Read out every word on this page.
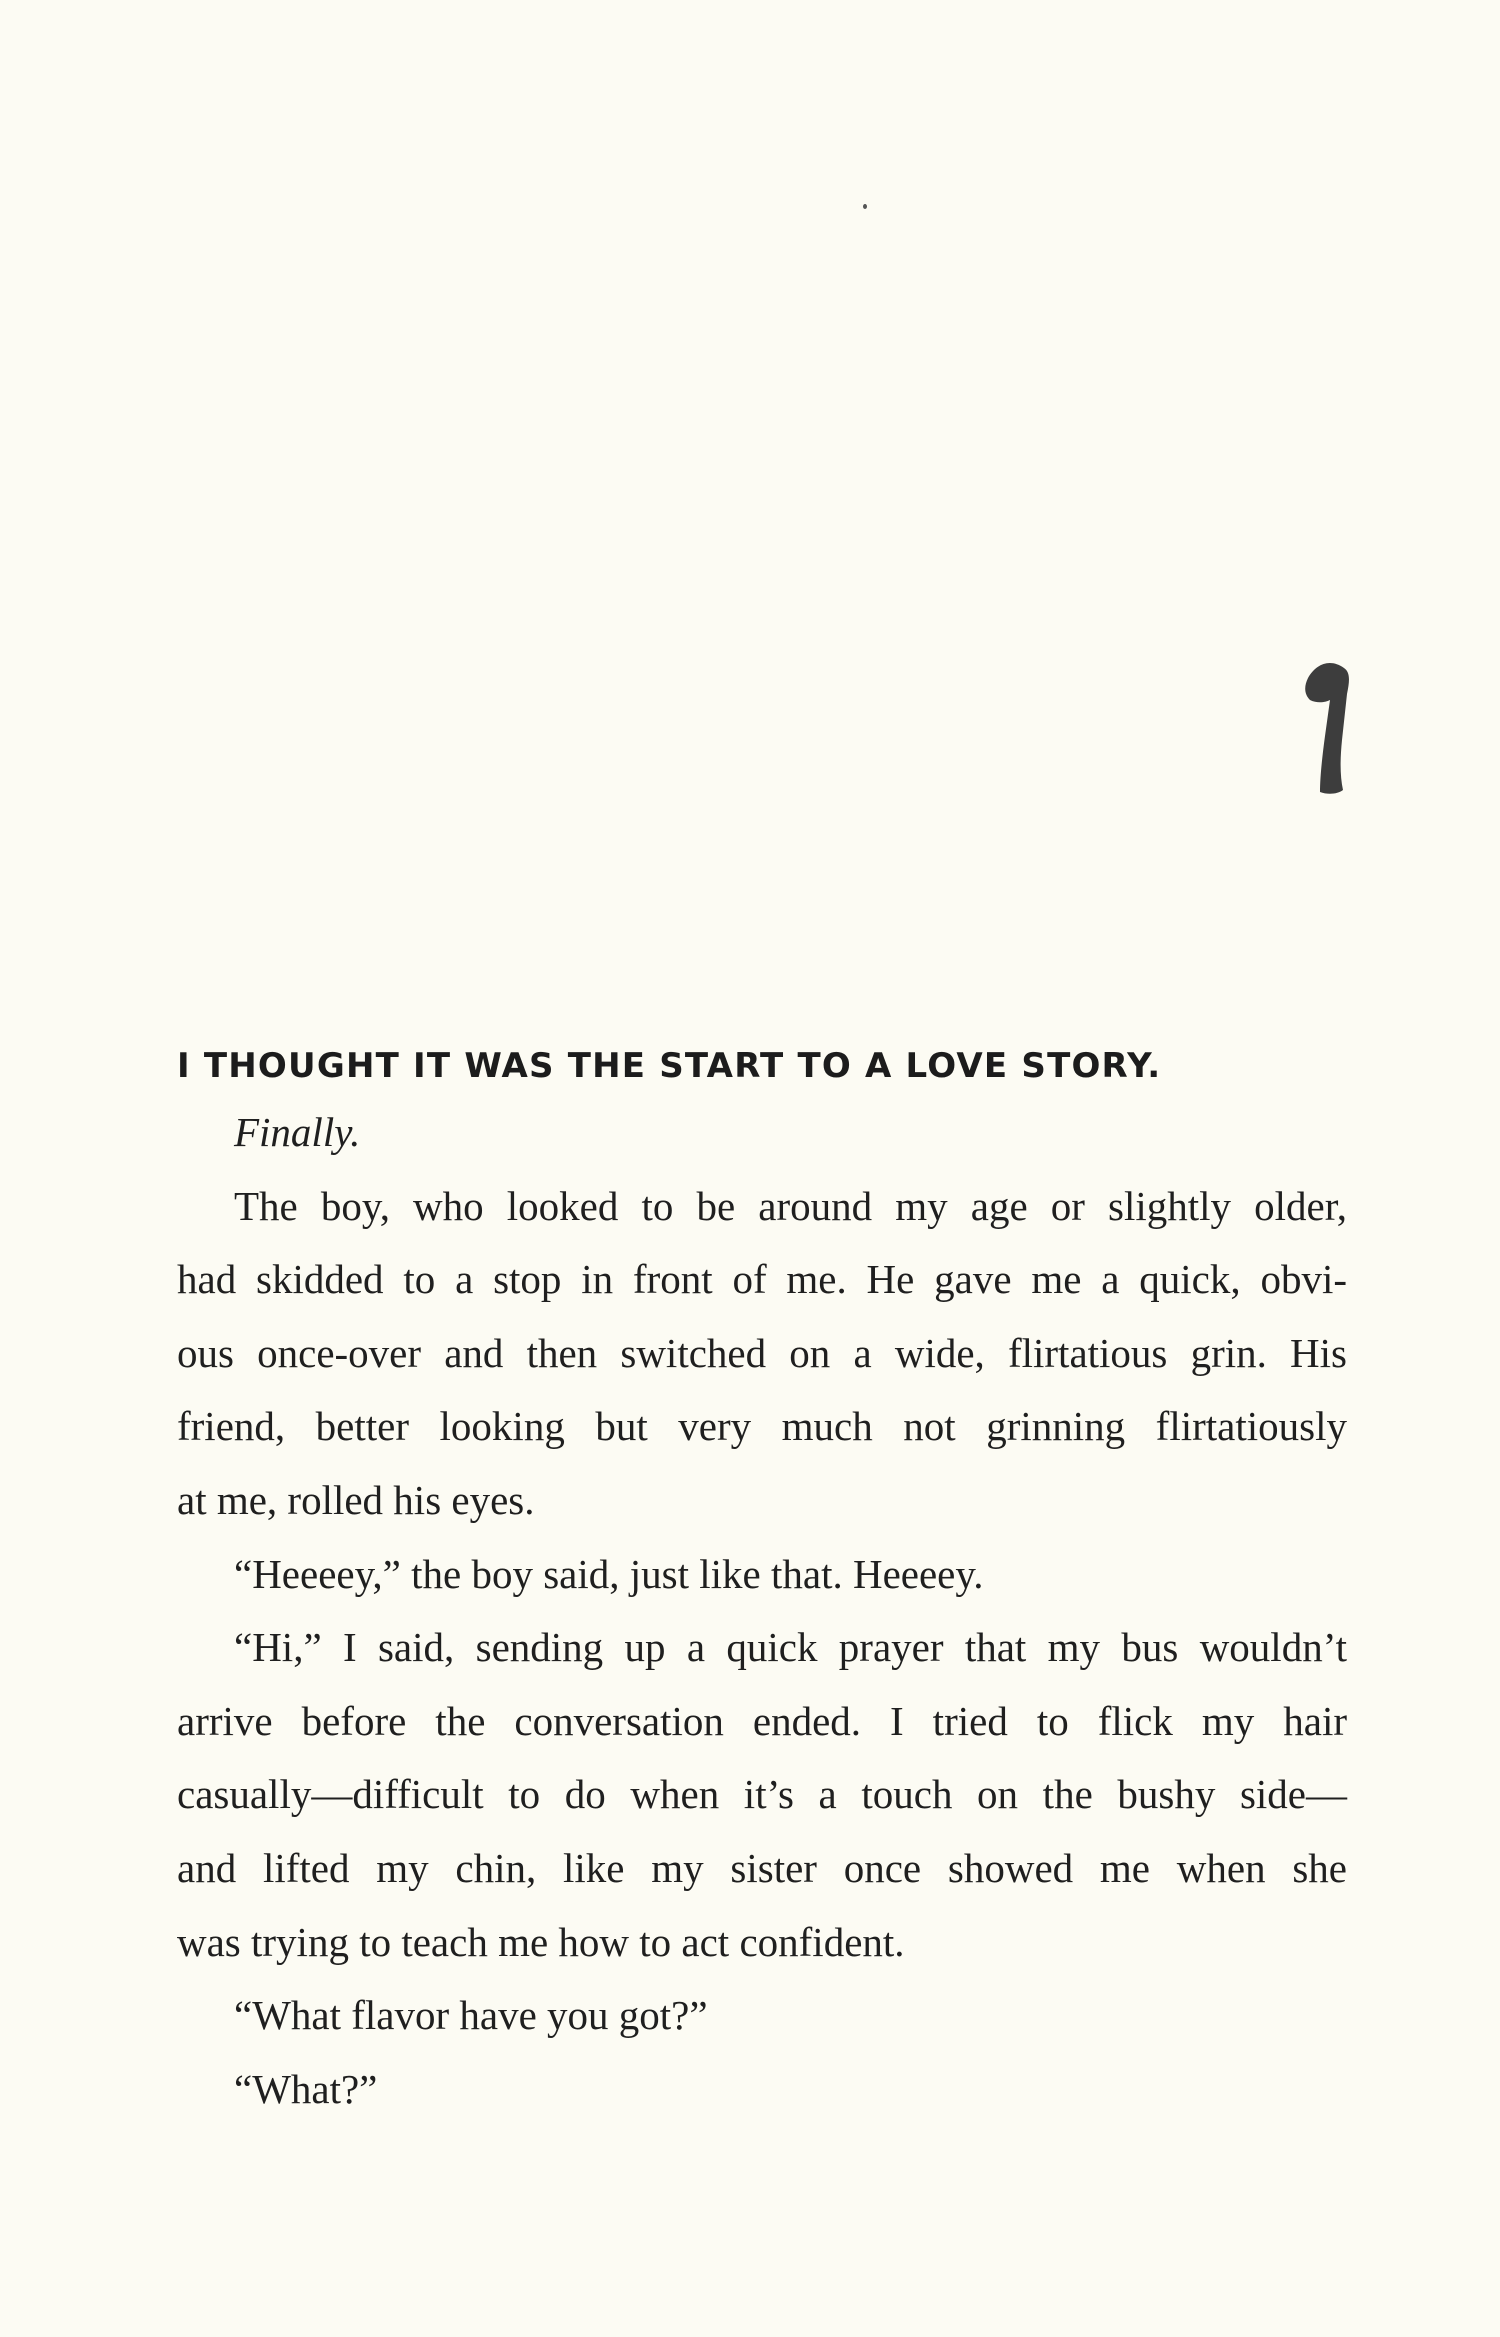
I THOUGHT IT WAS THE START TO A LOVE STORY.

Finally.

The boy, who looked to be around my age or slightly older,
had skidded to a stop in front of me. He gave me a quick, obvi-
ous once-over and then switched on a wide, flirtatious grin. His
friend, better looking but very much not grinning flirtatiously
at me, rolled his eyes.

“Heeeey,” the boy said, just like that. Heeeey.

“Hi,” I said, sending up a quick prayer that my bus wouldn’t
arrive before the conversation ended. I tried to flick my hair
casually—difficult to do when it’s a touch on the bushy side—
and lifted my chin, like my sister once showed me when she
was trying to teach me how to act confident.

“What flavor have you got?”

“What?”
